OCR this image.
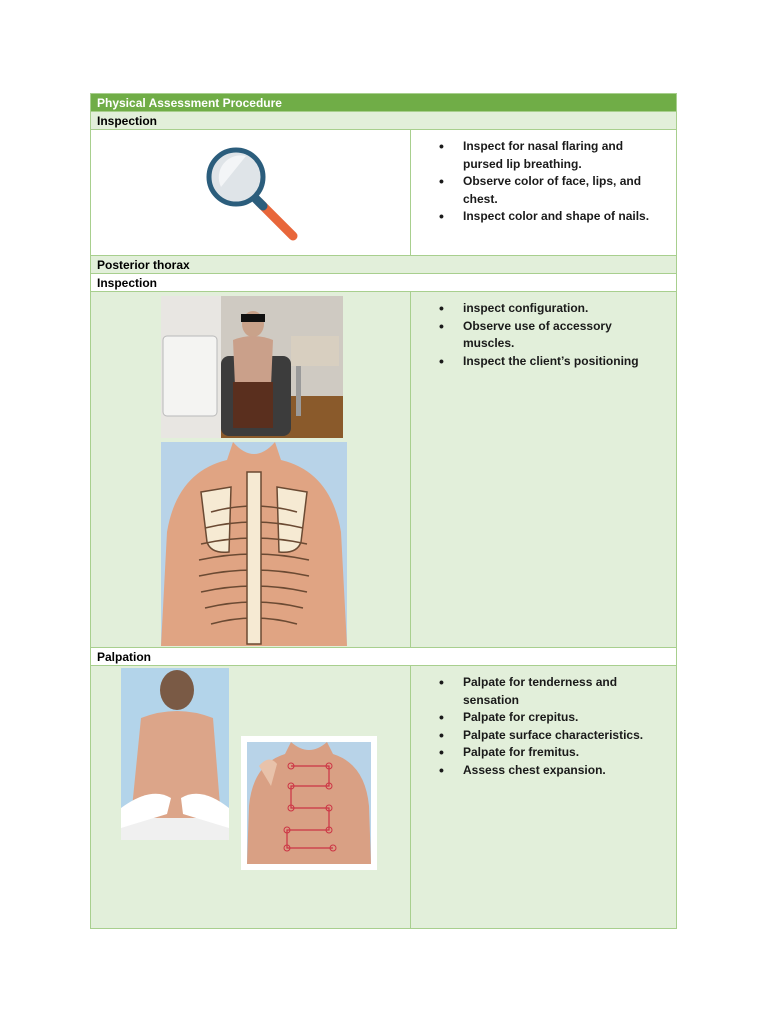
Physical Assessment Procedure
Inspection
• Inspect for nasal flaring and pursed lip breathing.
• Observe color of face, lips, and chest.
• Inspect color and shape of nails.
Posterior thorax
Inspection
• inspect configuration.
• Observe use of accessory muscles.
• Inspect the client’s positioning
Palpation
• Palpate for tenderness and sensation
• Palpate for crepitus.
• Palpate surface characteristics.
• Palpate for fremitus.
• Assess chest expansion.
